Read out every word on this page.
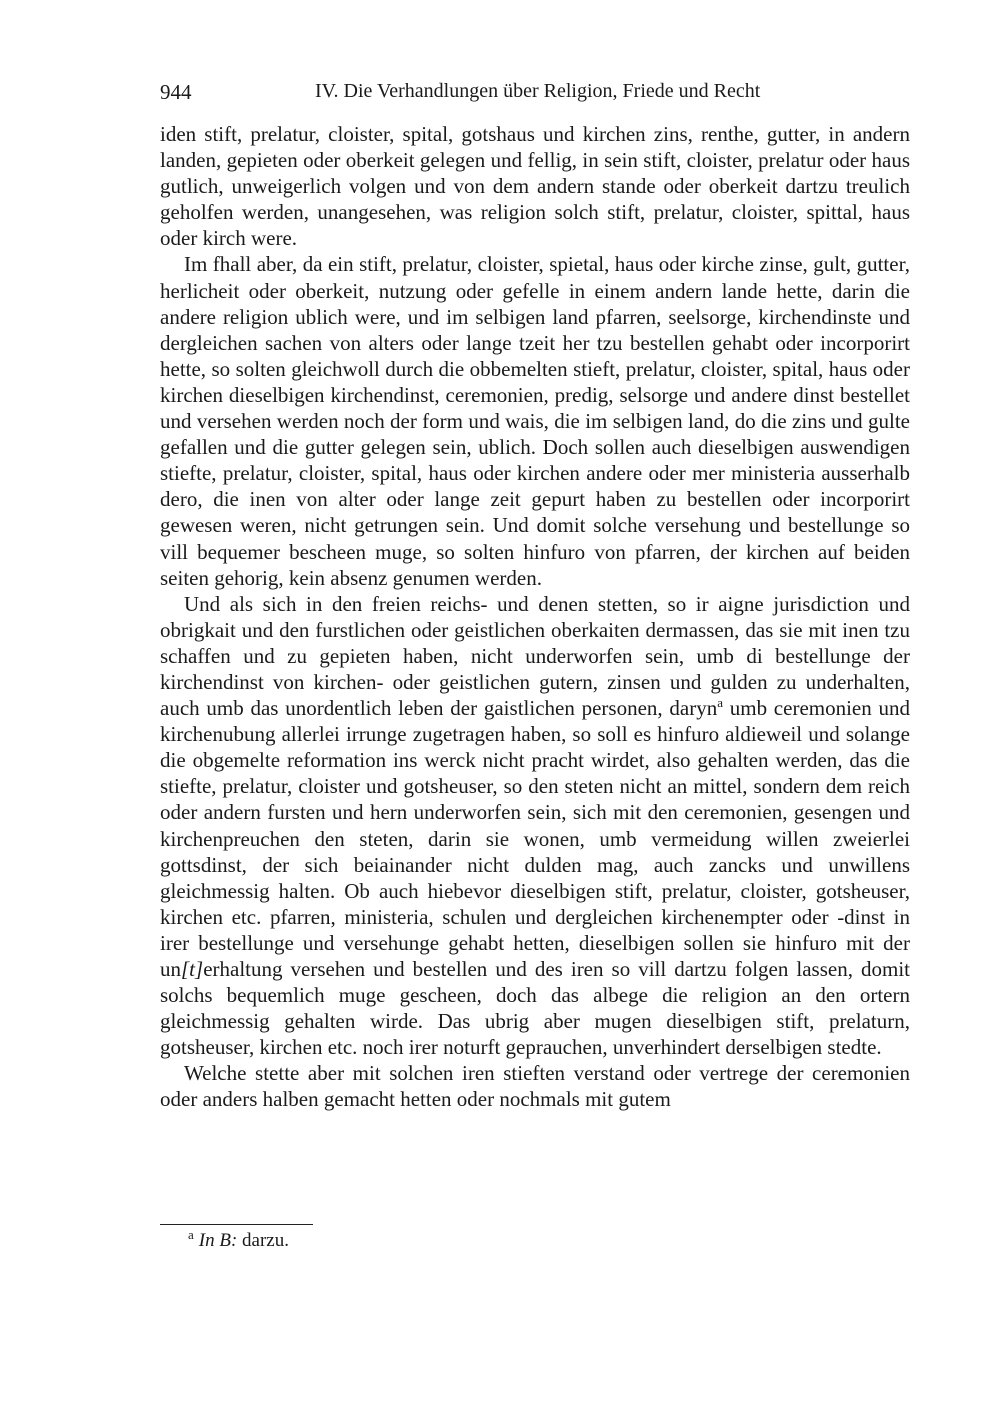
944	IV. Die Verhandlungen über Religion, Friede und Recht

iden stift, prelatur, cloister, spital, gotshaus und kirchen zins, renthe, gutter, in andern landen, gepieten oder oberkeit gelegen und fellig, in sein stift, cloister, prelatur oder haus gutlich, unweigerlich volgen und von dem andern stande oder oberkeit dartzu treulich geholfen werden, unangesehen, was religion solch stift, prelatur, cloister, spittal, haus oder kirch were.

Im fhall aber, da ein stift, prelatur, cloister, spietal, haus oder kirche zinse, gult, gutter, herlicheit oder oberkeit, nutzung oder gefelle in einem andern lande hette, darin die andere religion ublich were, und im selbigen land pfarren, seelsorge, kirchendinste und dergleichen sachen von alters oder lange tzeit her tzu bestellen gehabt oder incorporirt hette, so solten gleichwoll durch die obbemelten stieft, prelatur, cloister, spital, haus oder kirchen dieselbigen kirchendinst, ceremonien, predig, selsorge und andere dinst bestellet und versehen werden noch der form und wais, die im selbigen land, do die zins und gulte gefallen und die gutter gelegen sein, ublich. Doch sollen auch dieselbigen auswendigen stiefte, prelatur, cloister, spital, haus oder kirchen andere oder mer ministeria ausserhalb dero, die inen von alter oder lange zeit gepurt haben zu bestellen oder incorporirt gewesen weren, nicht getrungen sein. Und domit solche versehung und bestellunge so vill bequemer bescheen muge, so solten hinfuro von pfarren, der kirchen auf beiden seiten gehorig, kein absenz genumen werden.

Und als sich in den freien reichs- und denen stetten, so ir aigne jurisdiction und obrigkait und den furstlichen oder geistlichen oberkaiten dermassen, das sie mit inen tzu schaffen und zu gepieten haben, nicht underworfen sein, umb di bestellunge der kirchendinst von kirchen- oder geistlichen gutern, zinsen und gulden zu underhalten, auch umb das unordentlich leben der gaistlichen personen, daryn$^a$ umb ceremonien und kirchenubung allerlei irrunge zugetragen haben, so soll es hinfuro aldieweil und solange die obgemelte reformation ins werck nicht pracht wirdet, also gehalten werden, das die stiefte, prelatur, cloister und gotsheuser, so den steten nicht an mittel, sondern dem reich oder andern fursten und hern underworfen sein, sich mit den ceremonien, gesengen und kirchenpreuchen den steten, darin sie wonen, umb vermeidung willen zweierlei gottsdinst, der sich beiainander nicht dulden mag, auch zancks und unwillens gleichmessig halten. Ob auch hiebevor dieselbigen stift, prelatur, cloister, gotsheuser, kirchen etc. pfarren, ministeria, schulen und dergleichen kirchenempter oder -dinst in irer bestellunge und versehunge gehabt hetten, dieselbigen sollen sie hinfuro mit der un[t]erhaltung versehen und bestellen und des iren so vill dartzu folgen lassen, domit solchs bequemlich muge gescheen, doch das albege die religion an den ortern gleichmessig gehalten wirde. Das ubrig aber mugen dieselbigen stift, prelaturn, gotsheuser, kirchen etc. noch irer noturft geprauchen, unverhindert derselbigen stedte.

Welche stette aber mit solchen iren stieften verstand oder vertrege der ceremonien oder anders halben gemacht hetten oder nochmals mit gutem

$^a$ In B: darzu.
